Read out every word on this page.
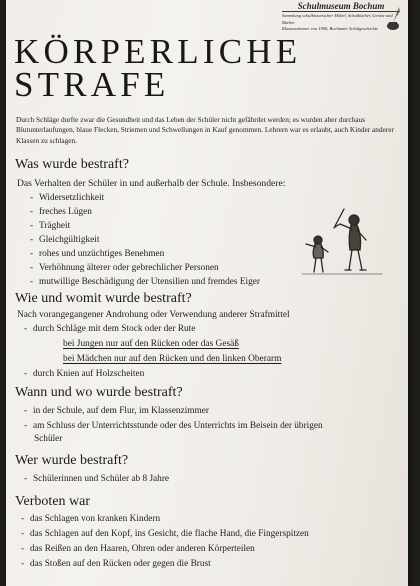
Schulmuseum Bochum
Sammlung schulhistorischer Möbel, Schulbücher, Geräte und Bücher
Klassenzimmer von 1900, Bochumer Schulgeschichte
KÖRPERLICHE
STRAFE
Durch Schläge durfte zwar die Gesundheit und das Leben der Schüler nicht gefährdet werden; es wurden aber durchaus Blutunterlaufungen, blaue Flecken, Striemen und Schwellungen in Kauf genommen. Lehrern war es erlaubt, auch Kinder anderer Klassen zu schlagen.
Was wurde bestraft?
Das Verhalten der Schüler in und außerhalb der Schule. Insbesondere:
- Widersetzlichkeit
- freches Lügen
- Trägheit
- Gleichgültigkeit
- rohes und unzüchtiges Benehmen
- Verhöhnung älterer oder gebrechlicher Personen
- mutwillige Beschädigung der Utensilien und fremdes Eiger
Wie und womit wurde bestraft?
Nach vorangegangener Androhung oder Verwendung anderer Strafmittel
- durch Schläge mit dem Stock oder der Rute
bei Jungen nur auf den Rücken oder das Gesäß
bei Mädchen nur auf den Rücken und den linken Oberarm
- durch Knien auf Holzscheiten
Wann und wo wurde bestraft?
- in der Schule, auf dem Flur, im Klassenzimmer
- am Schluss der Unterrichtsstunde oder des Unterrichts im Beisein der übrigen
Schüler
Wer wurde bestraft?
- Schülerinnen und Schüler ab 8 Jahre
Verboten war
- das Schlagen von kranken Kindern
- das Schlagen auf den Kopf, ins Gesicht, die flache Hand, die Fingerspitzen
- das Reißen an den Haaren, Ohren oder anderen Körperteilen
- das Stoßen auf den Rücken oder gegen die Brust
